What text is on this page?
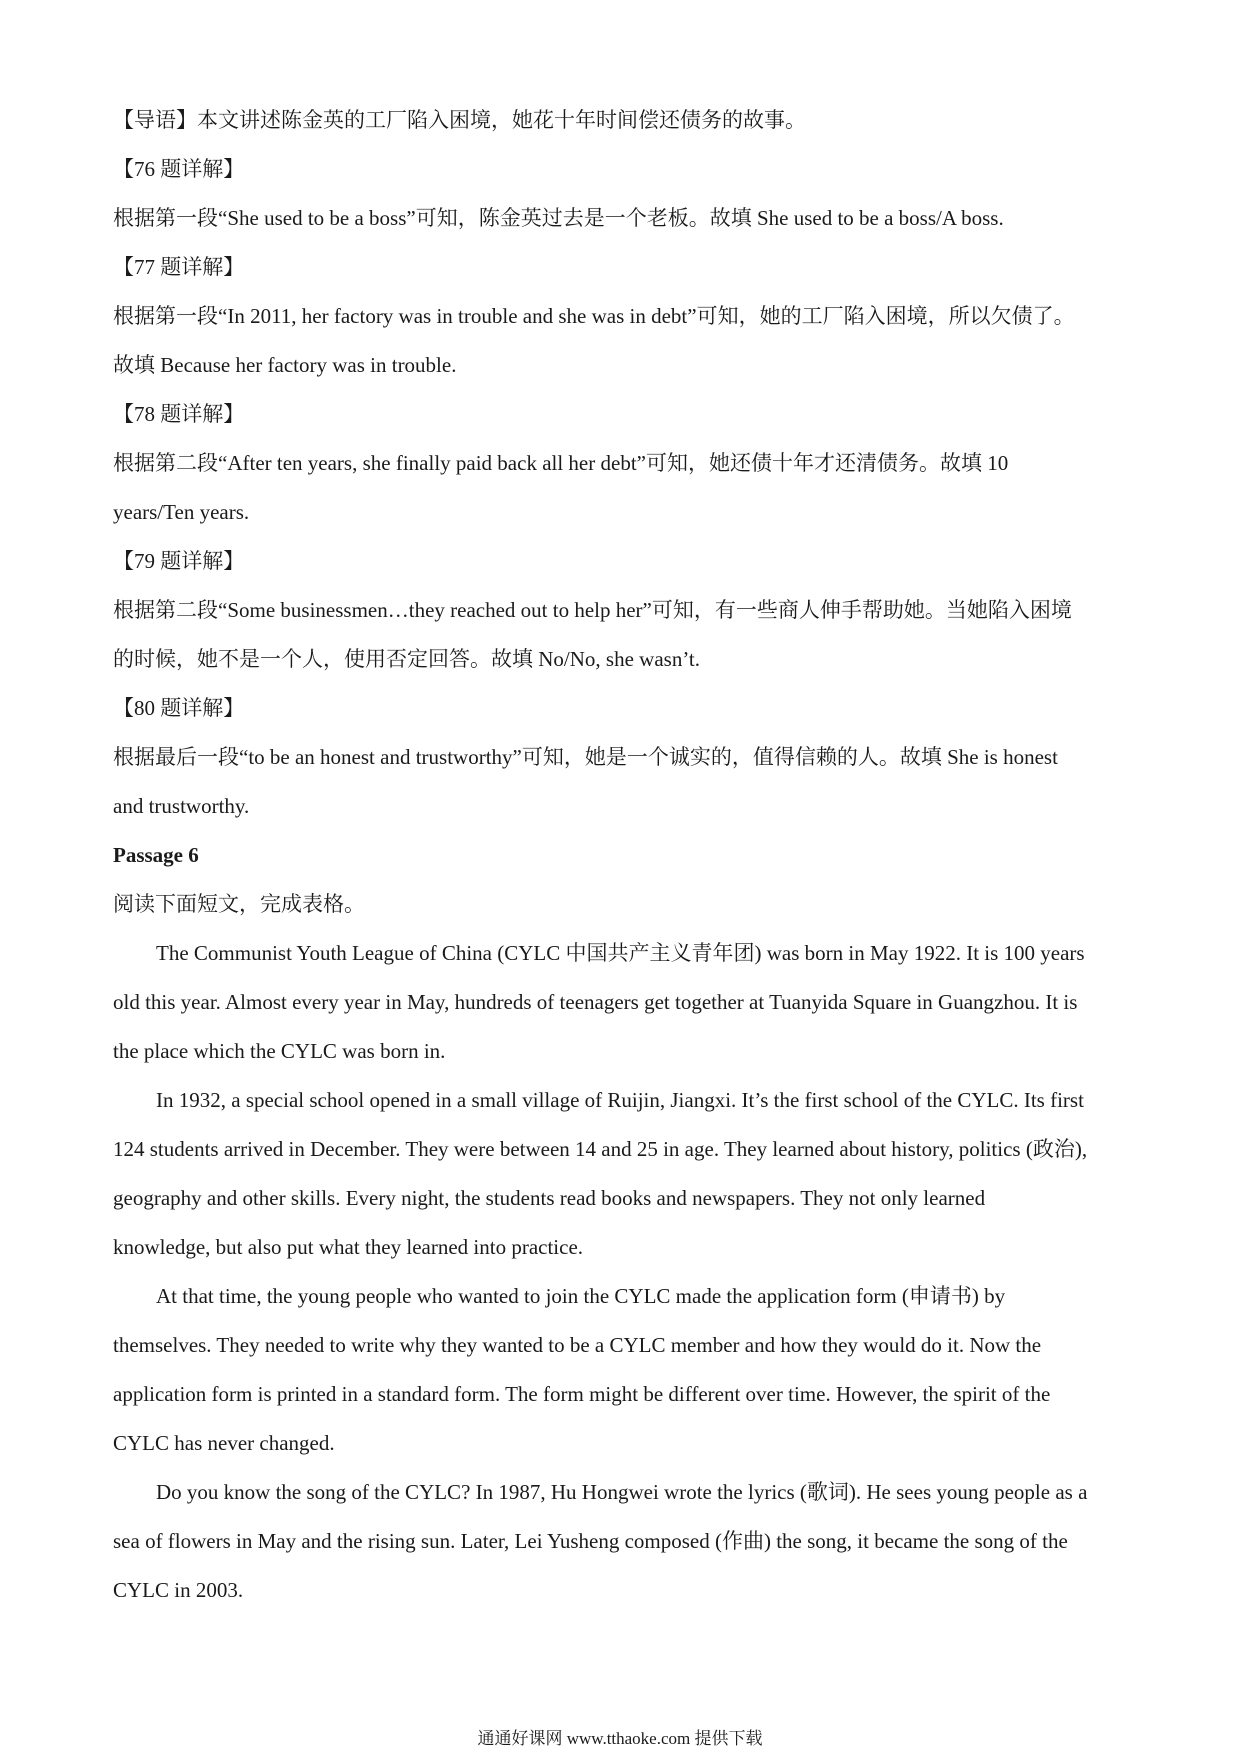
【导语】本文讲述陈金英的工厂陷入困境，她花十年时间偿还债务的故事。
【76 题详解】
根据第一段“She used to be a boss”可知，陈金英过去是一个老板。故填 She used to be a boss/A boss.
【77 题详解】
根据第一段“In 2011, her factory was in trouble and she was in debt”可知，她的工厂陷入困境，所以欠债了。
故填 Because her factory was in trouble.
【78 题详解】
根据第二段“After ten years, she finally paid back all her debt”可知，她还债十年才还清债务。故填 10
years/Ten years.
【79 题详解】
根据第二段“Some businessmen…they reached out to help her”可知，有一些商人伸手帮助她。当她陷入困境
的时候，她不是一个人，使用否定回答。故填 No/No, she wasn’t.
【80 题详解】
根据最后一段“to be an honest and trustworthy”可知，她是一个诚实的，值得信赖的人。故填 She is honest
and trustworthy.
Passage 6
阅读下面短文，完成表格。
The Communist Youth League of China (CYLC 中国共产主义青年团) was born in May 1922. It is 100 years
old this year. Almost every year in May, hundreds of teenagers get together at Tuanyida Square in Guangzhou. It is
the place which the CYLC was born in.
In 1932, a special school opened in a small village of Ruijin, Jiangxi. It’s the first school of the CYLC. Its first
124 students arrived in December. They were between 14 and 25 in age. They learned about history, politics (政治),
geography and other skills. Every night, the students read books and newspapers. They not only learned
knowledge, but also put what they learned into practice.
At that time, the young people who wanted to join the CYLC made the application form (申请书) by
themselves. They needed to write why they wanted to be a CYLC member and how they would do it. Now the
application form is printed in a standard form. The form might be different over time. However, the spirit of the
CYLC has never changed.
Do you know the song of the CYLC? In 1987, Hu Hongwei wrote the lyrics (歌词). He sees young people as a
sea of flowers in May and the rising sun. Later, Lei Yusheng composed (作曲) the song, it became the song of the
CYLC in 2003.
通通好课网 www.tthaoke.com 提供下载
